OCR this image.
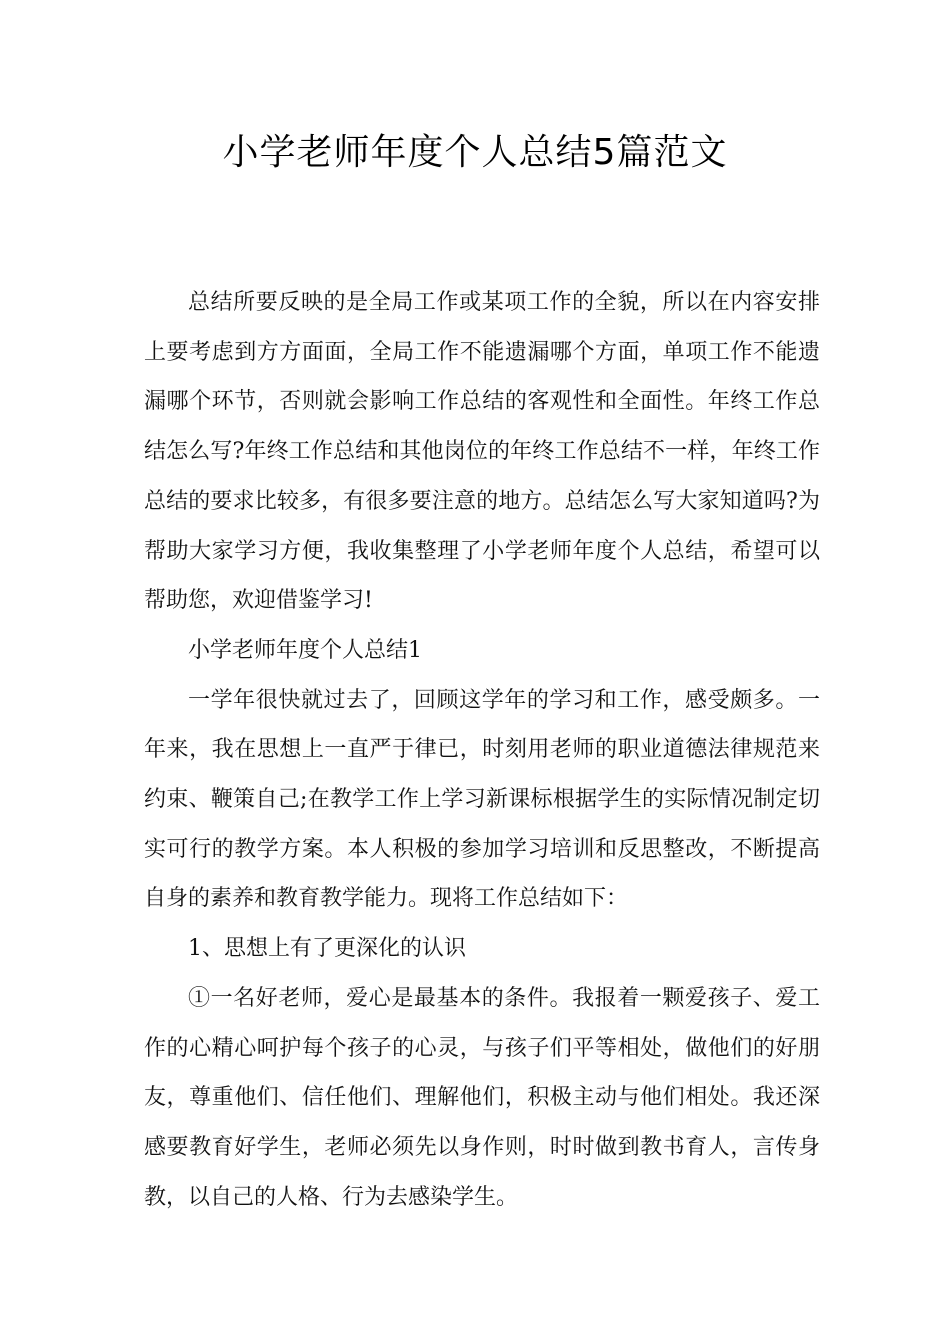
小学老师年度个人总结5篇范文

总结所要反映的是全局工作或某项工作的全貌，所以在内容安排上要考虑到方方面面，全局工作不能遗漏哪个方面，单项工作不能遗漏哪个环节，否则就会影响工作总结的客观性和全面性。年终工作总结怎么写?年终工作总结和其他岗位的年终工作总结不一样，年终工作总结的要求比较多，有很多要注意的地方。总结怎么写大家知道吗?为帮助大家学习方便，我收集整理了小学老师年度个人总结，希望可以帮助您，欢迎借鉴学习!

小学老师年度个人总结1

一学年很快就过去了，回顾这学年的学习和工作，感受颇多。一年来，我在思想上一直严于律已，时刻用老师的职业道德法律规范来约束、鞭策自己;在教学工作上学习新课标根据学生的实际情况制定切实可行的教学方案。本人积极的参加学习培训和反思整改，不断提高自身的素养和教育教学能力。现将工作总结如下：

1、思想上有了更深化的认识

①一名好老师，爱心是最基本的条件。我报着一颗爱孩子、爱工作的心精心呵护每个孩子的心灵，与孩子们平等相处，做他们的好朋友，尊重他们、信任他们、理解他们，积极主动与他们相处。我还深感要教育好学生，老师必须先以身作则，时时做到教书育人，言传身教，以自己的人格、行为去感染学生。
